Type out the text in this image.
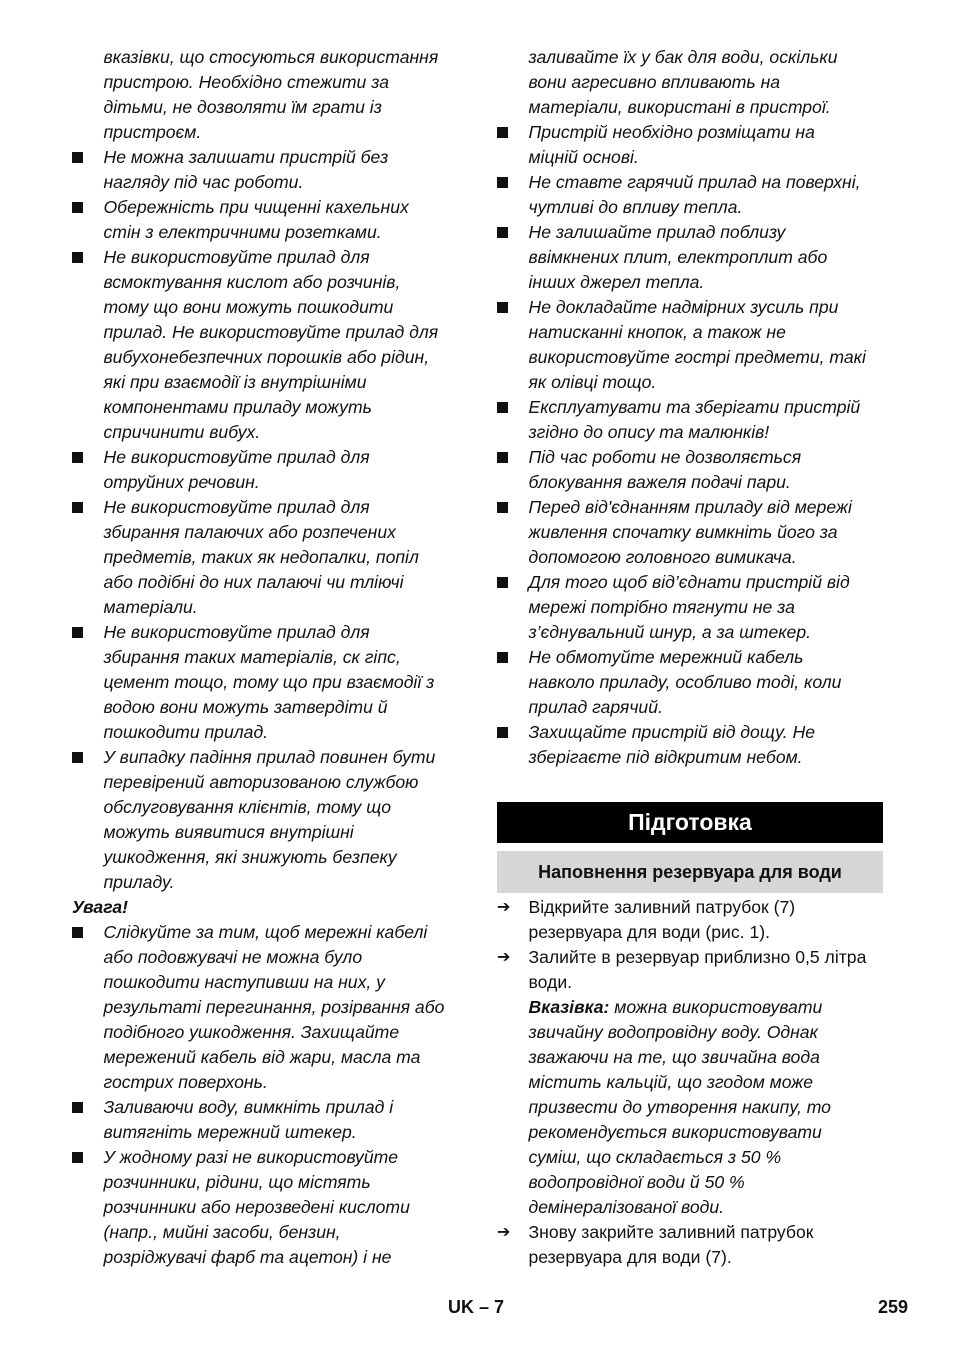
вказівки, що стосуються використання
пристрою. Необхідно стежити за
дітьми, не дозволяти їм грати із
пристроєм.
Не можна залишати пристрій без
нагляду під час роботи.
Обережність при чищенні кахельних
стін з електричними розетками.
Не використовуйте прилад для
всмоктування кислот або розчинів,
тому що вони можуть пошкодити
прилад. Не використовуйте прилад для
вибухонебезпечних порошків або рідин,
які при взаємодії із внутрішніми
компонентами приладу можуть
спричинити вибух.
Не використовуйте прилад для
отруйних речовин.
Не використовуйте прилад для
збирання палаючих або розпечених
предметів, таких як недопалки, попіл
або подібні до них палаючі чи тліючі
матеріали.
Не використовуйте прилад для
збирання таких матеріалів, ск гіпс,
цемент тощо, тому що при взаємодії з
водою вони можуть затвердіти й
пошкодити прилад.
У випадку падіння прилад повинен бути
перевірений авторизованою службою
обслуговування клієнтів, тому що
можуть виявитися внутрішні
ушкодження, які знижують безпеку
приладу.
Увага!
Слідкуйте за тим, щоб мережні кабелі
або подовжувачі не можна було
пошкодити наступивши на них, у
результаті перегинання, розірвання або
подібного ушкодження. Захищайте
мережений кабель від жари, масла та
гострих поверхонь.
Заливаючи воду, вимкніть прилад і
витягніть мережний штекер.
У жодному разі не використовуйте
розчинники, рідини, що містять
розчинники або нерозведені кислоти
(напр., мийні засоби, бензин,
розріджувачі фарб та ацетон) і не
заливайте їх у бак для води, оскільки
вони агресивно впливають на
матеріали, використані в пристрої.
Пристрій необхідно розміщати на
міцній основі.
Не ставте гарячий прилад на поверхні,
чутливі до впливу тепла.
Не залишайте прилад поблизу
ввімкнених плит, електроплит або
інших джерел тепла.
Не докладайте надмірних зусиль при
натисканні кнопок, а також не
використовуйте гострі предмети, такі
як олівці тощо.
Експлуатувати та зберігати пристрій
згідно до опису та малюнків!
Під час роботи не дозволяється
блокування важеля подачі пари.
Перед від'єднанням приладу від мережі
живлення спочатку вимкніть його за
допомогою головного вимикача.
Для того щоб від’єднати пристрій від
мережі потрібно тягнути не за
з’єднувальний шнур, а за штекер.
Не обмотуйте мережний кабель
навколо приладу, особливо тоді, коли
прилад гарячий.
Захищайте пристрій від дощу. Не
зберігаєте під відкритим небом.
Підготовка
Наповнення резервуара для води
➔ Відкрийте заливний патрубок (7)
резервуара для води (рис. 1).
➔ Залийте в резервуар приблизно 0,5 літра
води.
Вказівка: можна використовувати
звичайну водопровідну воду. Однак
зважаючи на те, що звичайна вода
містить кальцій, що згодом може
призвести до утворення накипу, то
рекомендується використовувати
суміш, що складається з 50 %
водопровідної води й 50 %
демінералізованої води.
➔ Знову закрийте заливний патрубок
резервуара для води (7).
UK – 7	259
